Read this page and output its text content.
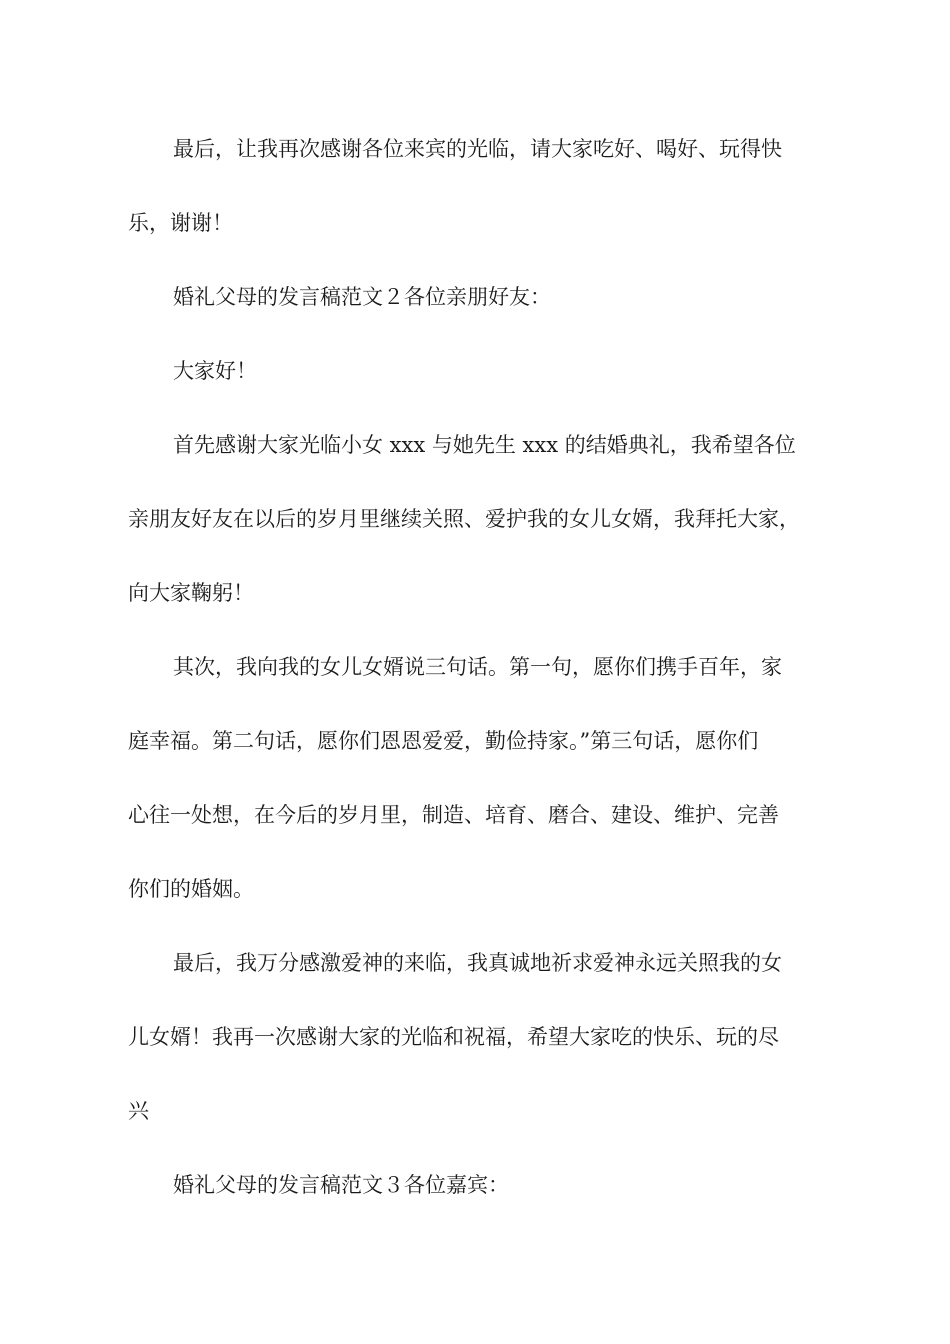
最后，让我再次感谢各位来宾的光临，请大家吃好、喝好、玩得快
乐，谢谢！

婚礼父母的发言稿范文２各位亲朋好友：

大家好！

首先感谢大家光临小女 xxx 与她先生 xxx 的结婚典礼，我希望各位
亲朋友好友在以后的岁月里继续关照、爱护我的女儿女婿，我拜托大家，
向大家鞠躬！

其次，我向我的女儿女婿说三句话。第一句，愿你们携手百年，家
庭幸福。第二句话，愿你们恩恩爱爱，勤俭持家。”第三句话，愿你们
心往一处想，在今后的岁月里，制造、培育、磨合、建设、维护、完善
你们的婚姻。

最后，我万分感激爱神的来临，我真诚地祈求爱神永远关照我的女
儿女婿！我再一次感谢大家的光临和祝福，希望大家吃的快乐、玩的尽
兴

婚礼父母的发言稿范文３各位嘉宾：
